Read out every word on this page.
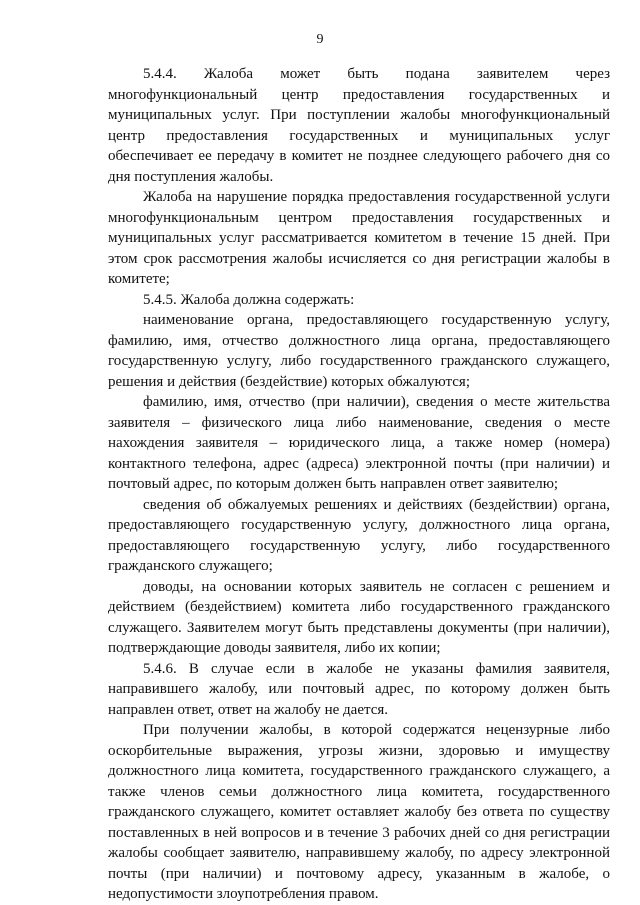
9

5.4.4. Жалоба может быть подана заявителем через многофункциональный центр предоставления государственных и муниципальных услуг. При поступлении жалобы многофункциональный центр предоставления государственных и муниципальных услуг обеспечивает ее передачу в комитет не позднее следующего рабочего дня со дня поступления жалобы.

Жалоба на нарушение порядка предоставления государственной услуги многофункциональным центром предоставления государственных и муниципальных услуг рассматривается комитетом в течение 15 дней. При этом срок рассмотрения жалобы исчисляется со дня регистрации жалобы в комитете;

5.4.5. Жалоба должна содержать:

наименование органа, предоставляющего государственную услугу, фамилию, имя, отчество должностного лица органа, предоставляющего государственную услугу, либо государственного гражданского служащего, решения и действия (бездействие) которых обжалуются;

фамилию, имя, отчество (при наличии), сведения о месте жительства заявителя – физического лица либо наименование, сведения о месте нахождения заявителя – юридического лица, а также номер (номера) контактного телефона, адрес (адреса) электронной почты (при наличии) и почтовый адрес, по которым должен быть направлен ответ заявителю;

сведения об обжалуемых решениях и действиях (бездействии) органа, предоставляющего государственную услугу, должностного лица органа, предоставляющего государственную услугу, либо государственного гражданского служащего;

доводы, на основании которых заявитель не согласен с решением и действием (бездействием) комитета либо государственного гражданского служащего. Заявителем могут быть представлены документы (при наличии), подтверждающие доводы заявителя, либо их копии;

5.4.6. В случае если в жалобе не указаны фамилия заявителя, направившего жалобу, или почтовый адрес, по которому должен быть направлен ответ, ответ на жалобу не дается.

При получении жалобы, в которой содержатся нецензурные либо оскорбительные выражения, угрозы жизни, здоровью и имуществу должностного лица комитета, государственного гражданского служащего, а также членов семьи должностного лица комитета, государственного гражданского служащего, комитет оставляет жалобу без ответа по существу поставленных в ней вопросов и в течение 3 рабочих дней со дня регистрации жалобы сообщает заявителю, направившему жалобу, по адресу электронной почты (при наличии) и почтовому адресу, указанным в жалобе, о недопустимости злоупотребления правом.
